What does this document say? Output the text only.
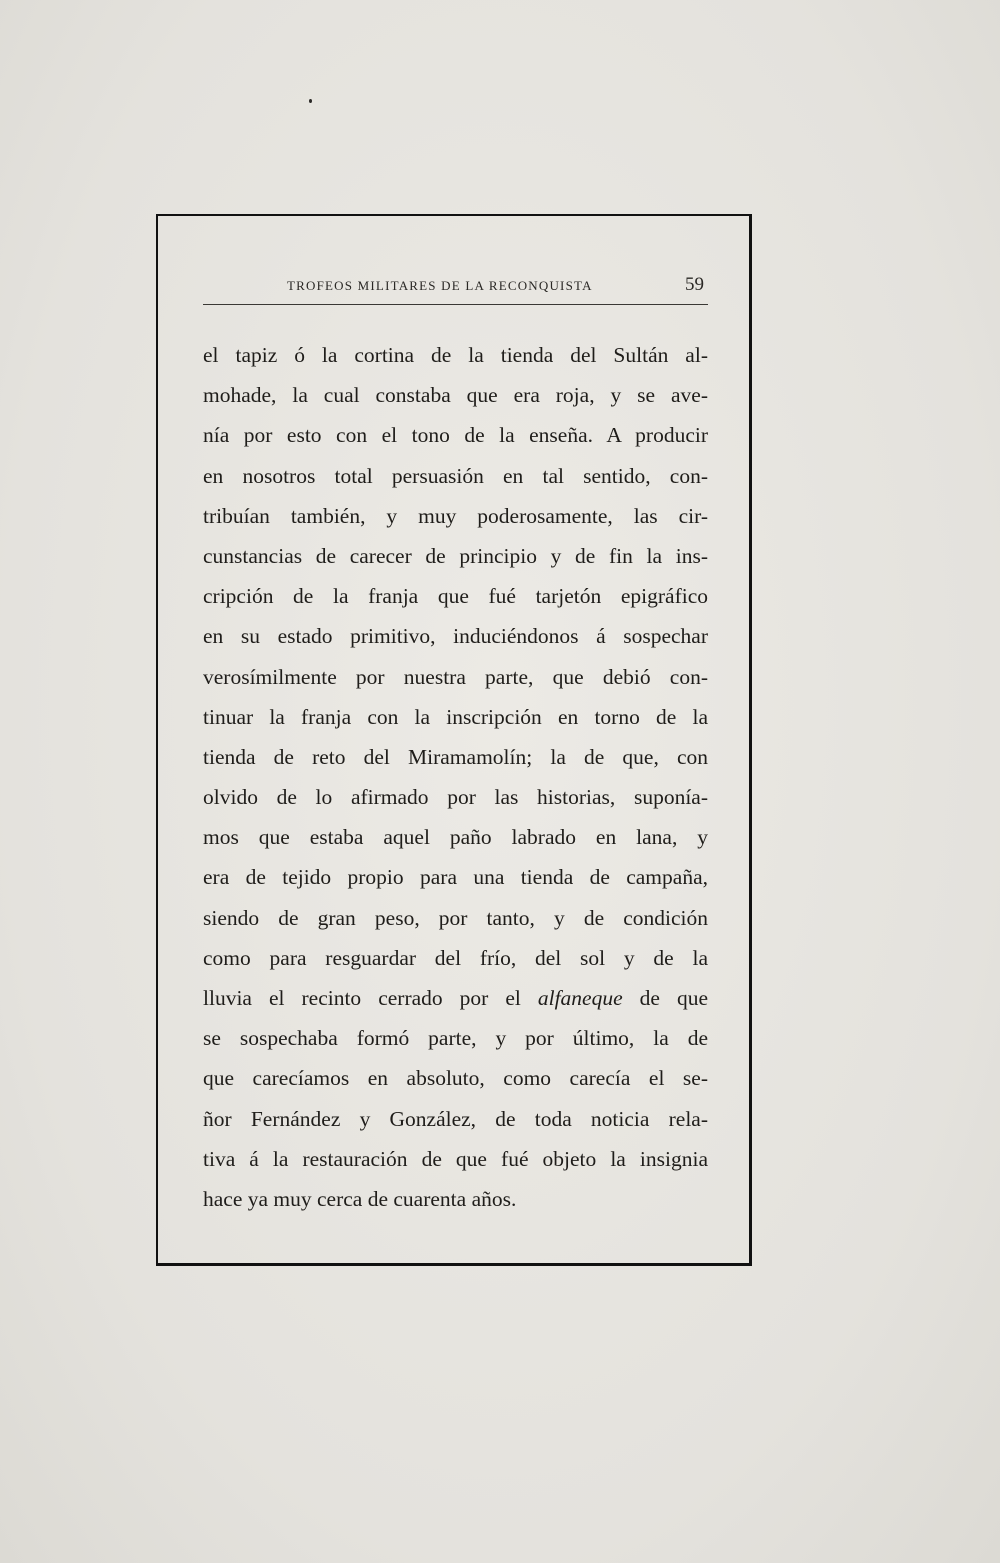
TROFEOS MILITARES DE LA RECONQUISTA	59
el tapiz ó la cortina de la tienda del Sultán al-
mohade, la cual constaba que era roja, y se ave-
nía por esto con el tono de la enseña. A producir
en nosotros total persuasión en tal sentido, con-
tribuían también, y muy poderosamente, las cir-
cunstancias de carecer de principio y de fin la ins-
cripción de la franja que fué tarjetón epigráfico
en su estado primitivo, induciéndonos á sospechar
verosímilmente por nuestra parte, que debió con-
tinuar la franja con la inscripción en torno de la
tienda de reto del Miramamolín; la de que, con
olvido de lo afirmado por las historias, suponía-
mos que estaba aquel paño labrado en lana, y
era de tejido propio para una tienda de campaña,
siendo de gran peso, por tanto, y de condición
como para resguardar del frío, del sol y de la
lluvia el recinto cerrado por el alfaneque de que
se sospechaba formó parte, y por último, la de
que carecíamos en absoluto, como carecía el se-
ñor Fernández y González, de toda noticia rela-
tiva á la restauración de que fué objeto la insignia
hace ya muy cerca de cuarenta años.
